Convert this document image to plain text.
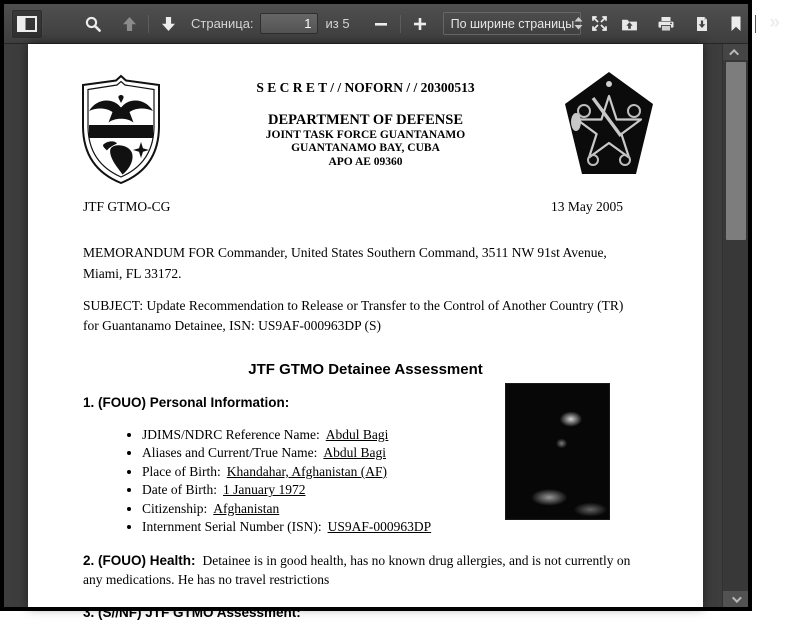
Страница:
1	из 5	По ширине страницы	»
S E C R E T / / NOFORN / / 20300513
DEPARTMENT OF DEFENSE
JOINT TASK FORCE GUANTANAMO
GUANTANAMO BAY, CUBA
APO AE 09360
JTF GTMO-CG	13 May 2005
MEMORANDUM FOR Commander, United States Southern Command, 3511 NW 91st Avenue, Miami, FL 33172.
SUBJECT: Update Recommendation to Release or Transfer to the Control of Another Country (TR) for Guantanamo Detainee, ISN: US9AF-000963DP (S)
JTF GTMO Detainee Assessment
1. (FOUO) Personal Information:
• JDIMS/NDRC Reference Name: Abdul Bagi
• Aliases and Current/True Name: Abdul Bagi
• Place of Birth: Khandahar, Afghanistan (AF)
• Date of Birth: 1 January 1972
• Citizenship: Afghanistan
• Internment Serial Number (ISN): US9AF-000963DP
2. (FOUO) Health: Detainee is in good health, has no known drug allergies, and is not currently on any medications. He has no travel restrictions
3. (S//NF) JTF GTMO Assessment:
